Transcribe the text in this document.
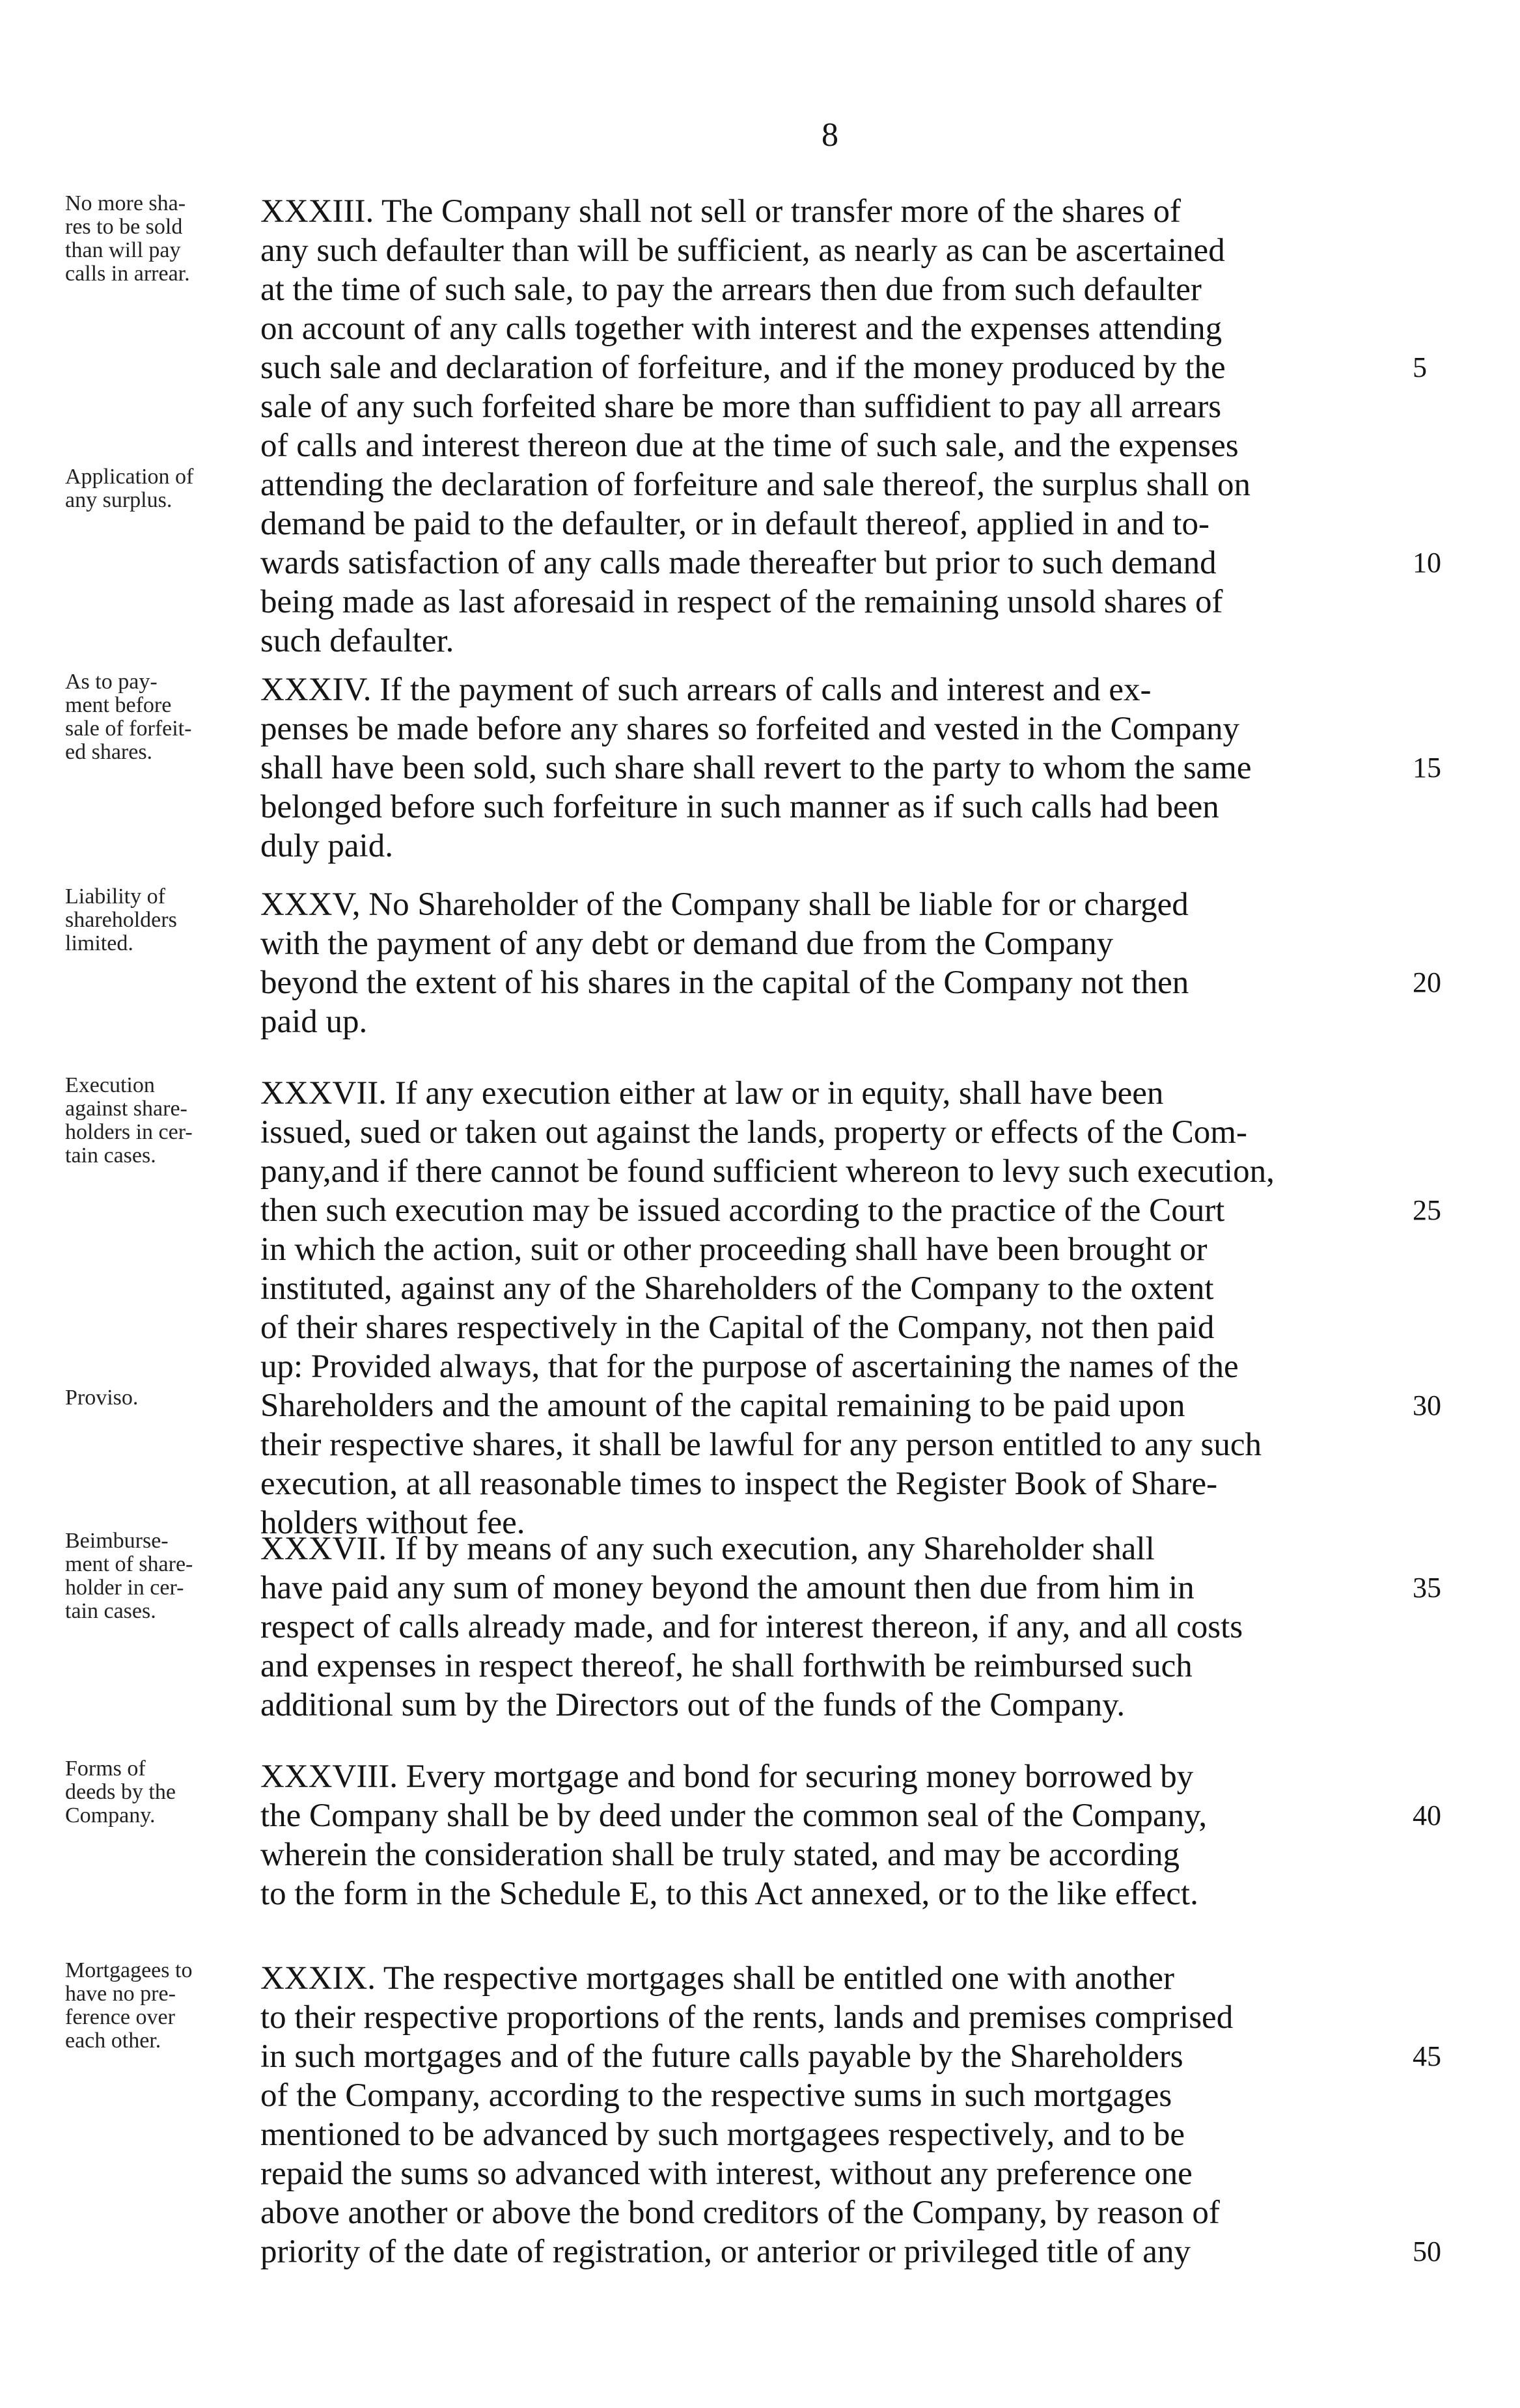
8
No more sha-
res to be sold
than will pay
calls in arrear.
Application of
any surplus.
XXXIII. The Company shall not sell or transfer more of the shares of
any such defaulter than will be sufficient, as nearly as can be ascertained
at the time of such sale, to pay the arrears then due from such defaulter
on account of any calls together with interest and the expenses attending
such sale and declaration of forfeiture, and if the money produced by the
sale of any such forfeited share be more than suffidient to pay all arrears
of calls and interest thereon due at the time of such sale, and the expenses
attending the declaration of forfeiture and sale thereof, the surplus shall on
demand be paid to the defaulter, or in default thereof, applied in and to-
wards satisfaction of any calls made thereafter but prior to such demand
being made as last aforesaid in respect of the remaining unsold shares of
such defaulter.
5
10
As to pay-
ment before
sale of forfeit-
ed shares.
XXXIV. If the payment of such arrears of calls and interest and ex-
penses be made before any shares so forfeited and vested in the Company
shall have been sold, such share shall revert to the party to whom the same
belonged before such forfeiture in such manner as if such calls had been
duly paid.
15
Liability of
shareholders
limited.
XXXV, No Shareholder of the Company shall be liable for or charged
with the payment of any debt or demand due from the Company
beyond the extent of his shares in the capital of the Company not then
paid up.
20
Execution
against share-
holders in cer-
tain cases.
Proviso.
XXXVII. If any execution either at law or in equity, shall have been
issued, sued or taken out against the lands, property or effects of the Com-
pany,and if there cannot be found sufficient whereon to levy such execution,
then such execution may be issued according to the practice of the Court
in which the action, suit or other proceeding shall have been brought or
instituted, against any of the Shareholders of the Company to the oxtent
of their shares respectively in the Capital of the Company, not then paid
up: Provided always, that for the purpose of ascertaining the names of the
Shareholders and the amount of the capital remaining to be paid upon
their respective shares, it shall be lawful for any person entitled to any such
execution, at all reasonable times to inspect the Register Book of Share-
holders without fee.
25
30
Beimburse-
ment of share-
holder in cer-
tain cases.
XXXVII. If by means of any such execution, any Shareholder shall
have paid any sum of money beyond the amount then due from him in
respect of calls already made, and for interest thereon, if any, and all costs
and expenses in respect thereof, he shall forthwith be reimbursed such
additional sum by the Directors out of the funds of the Company.
35
Forms of
deeds by the
Company.
XXXVIII. Every mortgage and bond for securing money borrowed by
the Company shall be by deed under the common seal of the Company,
wherein the consideration shall be truly stated, and may be according
to the form in the Schedule E, to this Act annexed, or to the like effect.
40
Mortgagees to
have no pre-
ference over
each other.
XXXIX. The respective mortgages shall be entitled one with another
to their respective proportions of the rents, lands and premises comprised
in such mortgages and of the future calls payable by the Shareholders
of the Company, according to the respective sums in such mortgages
mentioned to be advanced by such mortgagees respectively, and to be
repaid the sums so advanced with interest, without any preference one
above another or above the bond creditors of the Company, by reason of
priority of the date of registration, or anterior or privileged title of any
45
50
